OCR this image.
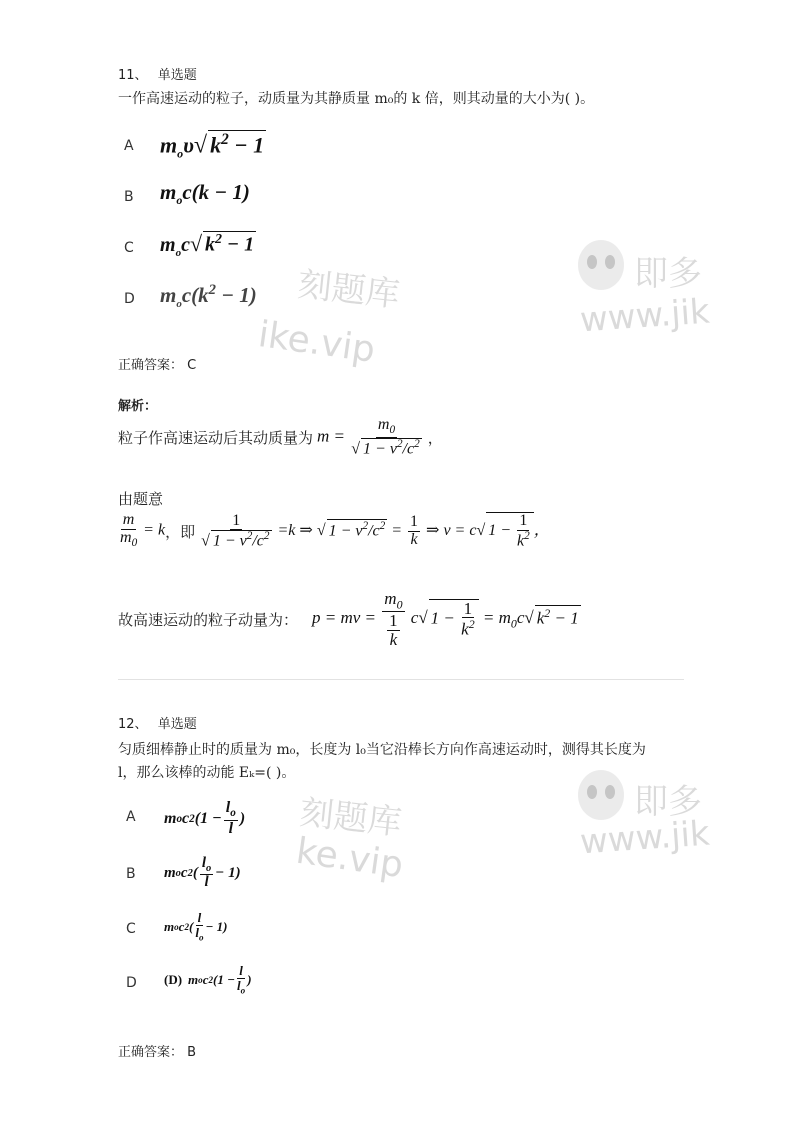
11、 单选题
一作高速运动的粒子，动质量为其静质量 m₀的 k 倍，则其动量的大小为( )。
A $m_o\upsilon√$ $k^2 - 1$
B $m_oc(k - 1)$
C $m_oc√$ $k^2 - 1$
D $m_oc(k^2 - 1)$
正确答案： C
解析：
粒子作高速运动后其动质量为 $m = \frac{m_0}{√ 1 - v^2/c^2}$ ，
由题意
$\frac{m}{m_0} = k$ ，即 $\frac{1}{√ 1 - v^2/c^2} =k$ ⇒ √ $1 - v^2/c^2 = \frac{1}{k}$ ⇒ v = c√ $1 - \frac{1}{k^2}$ ，
故高速运动的粒子动量为： p = mv = $\frac{m_0}{\frac{1}{k}} c√$ $1 - \frac{1}{k^2} = m_0c√$ $k^2 - 1$
12、 单选题
匀质细棒静止时的质量为 m₀，长度为 l₀当它沿棒长方向作高速运动时，测得其长度为
l，那么该棒的动能 Eₖ=( )。
A m o c 2 ($1 - \frac{l_o}{l}$ )
B m o c 2 ( $\frac{l_o}{l} - 1$)
C m o c 2 ( $\frac{l}{l_o} - 1$)
D (D) m o c 2 ($1 - \frac{l}{l_o}$ )
正确答案： B
即多
www.jik
刻题库
ike.vip
即多
www.jik
刻题库
ke.vip
